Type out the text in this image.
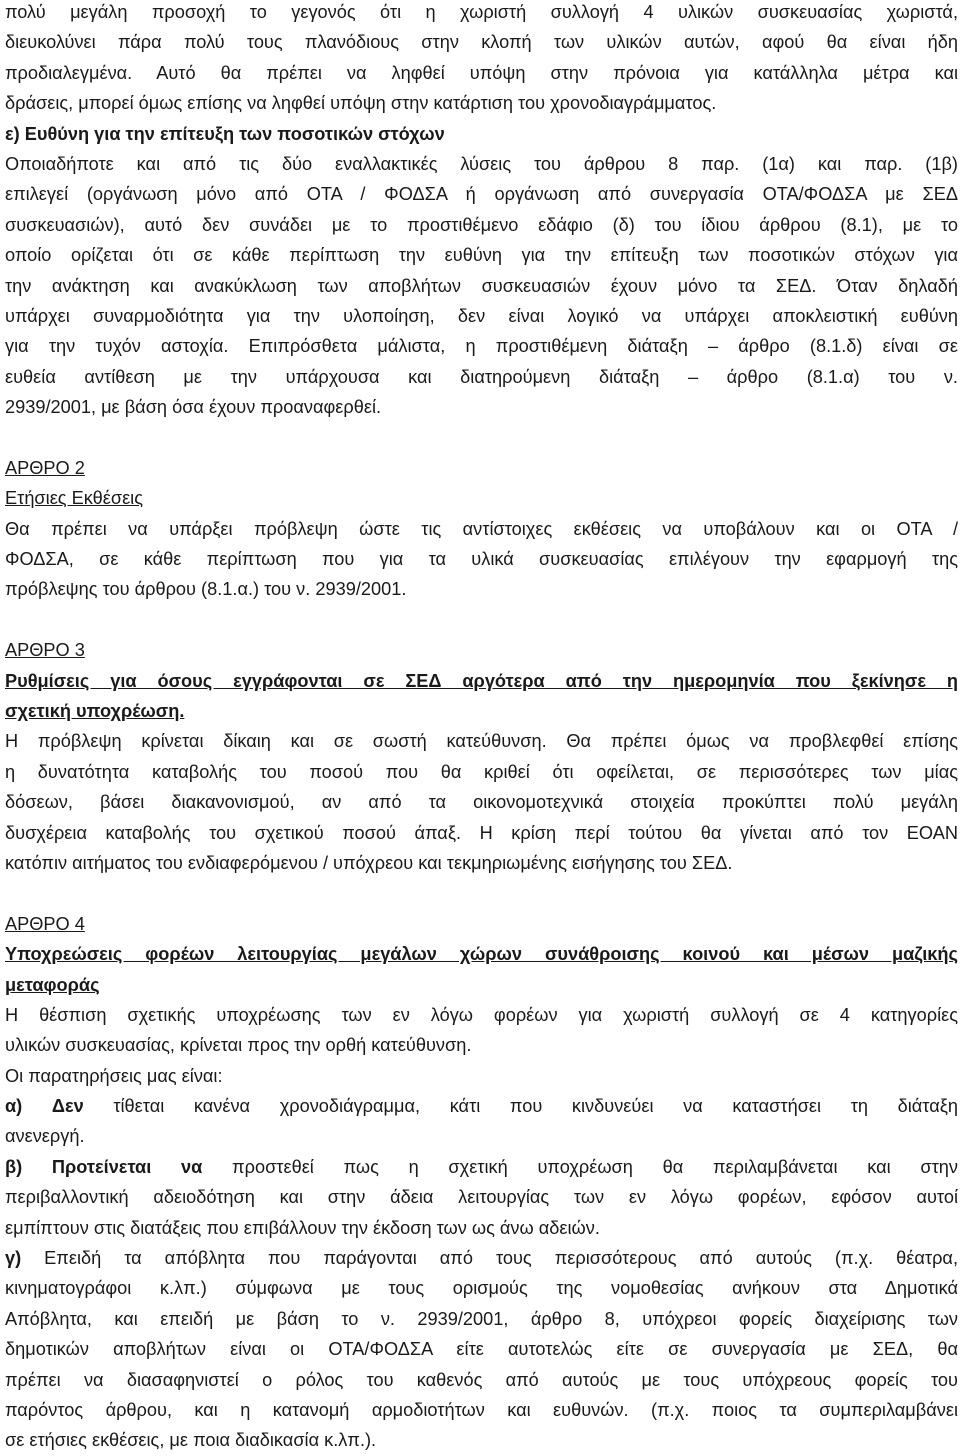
πολύ μεγάλη προσοχή το γεγονός ότι η χωριστή συλλογή 4 υλικών συσκευασίας χωριστά,
διευκολύνει πάρα πολύ τους πλανόδιους στην κλοπή των υλικών αυτών, αφού θα είναι ήδη
προδιαλεγμένα. Αυτό θα πρέπει να ληφθεί υπόψη στην πρόνοια για κατάλληλα μέτρα και
δράσεις, μπορεί όμως επίσης να ληφθεί υπόψη στην κατάρτιση του χρονοδιαγράμματος.
ε) Ευθύνη για την επίτευξη των ποσοτικών στόχων
Οποιαδήποτε και από τις δύο εναλλακτικές λύσεις του άρθρου 8 παρ. (1α) και παρ. (1β)
επιλεγεί (οργάνωση μόνο από ΟΤΑ / ΦΟΔΣΑ ή οργάνωση από συνεργασία ΟΤΑ/ΦΟΔΣΑ με ΣΕΔ
συσκευασιών), αυτό δεν συνάδει με το προστιθέμενο εδάφιο (δ) του ίδιου άρθρου (8.1), με το
οποίο ορίζεται ότι σε κάθε περίπτωση την ευθύνη για την επίτευξη των ποσοτικών στόχων για
την ανάκτηση και ανακύκλωση των αποβλήτων συσκευασιών έχουν μόνο τα ΣΕΔ. Όταν δηλαδή
υπάρχει συναρμοδιότητα για την υλοποίηση, δεν είναι λογικό να υπάρχει αποκλειστική ευθύνη
για την τυχόν αστοχία. Επιπρόσθετα μάλιστα, η προστιθέμενη διάταξη – άρθρο (8.1.δ) είναι σε
ευθεία αντίθεση με την υπάρχουσα και διατηρούμενη διάταξη – άρθρο (8.1.α) του ν.
2939/2001, με βάση όσα έχουν προαναφερθεί.
ΑΡΘΡΟ 2
Ετήσιες Εκθέσεις
Θα πρέπει να υπάρξει πρόβλεψη ώστε τις αντίστοιχες εκθέσεις να υποβάλουν και οι ΟΤΑ /
ΦΟΔΣΑ, σε κάθε περίπτωση που για τα υλικά συσκευασίας επιλέγουν την εφαρμογή της
πρόβλεψης του άρθρου (8.1.α.) του ν. 2939/2001.
ΑΡΘΡΟ 3
Ρυθμίσεις για όσους εγγράφονται σε ΣΕΔ αργότερα από την ημερομηνία που ξεκίνησε η
σχετική υποχρέωση.
Η πρόβλεψη κρίνεται δίκαιη και σε σωστή κατεύθυνση. Θα πρέπει όμως να προβλεφθεί επίσης
η δυνατότητα καταβολής του ποσού που θα κριθεί ότι οφείλεται, σε περισσότερες των μίας
δόσεων, βάσει διακανονισμού, αν από τα οικονομοτεχνικά στοιχεία προκύπτει πολύ μεγάλη
δυσχέρεια καταβολής του σχετικού ποσού άπαξ. Η κρίση περί τούτου θα γίνεται από τον ΕΟΑΝ
κατόπιν αιτήματος του ενδιαφερόμενου / υπόχρεου και τεκμηριωμένης εισήγησης του ΣΕΔ.
ΑΡΘΡΟ 4
Υποχρεώσεις φορέων λειτουργίας μεγάλων χώρων συνάθροισης κοινού και μέσων μαζικής
μεταφοράς
Η θέσπιση σχετικής υποχρέωσης των εν λόγω φορέων για χωριστή συλλογή σε 4 κατηγορίες
υλικών συσκευασίας, κρίνεται προς την ορθή κατεύθυνση.
Οι παρατηρήσεις μας είναι:
α) Δεν τίθεται κανένα χρονοδιάγραμμα, κάτι που κινδυνεύει να καταστήσει τη διάταξη
ανενεργή.
β) Προτείνεται να προστεθεί πως η σχετική υποχρέωση θα περιλαμβάνεται και στην
περιβαλλοντική αδειοδότηση και στην άδεια λειτουργίας των εν λόγω φορέων, εφόσον αυτοί
εμπίπτουν στις διατάξεις που επιβάλλουν την έκδοση των ως άνω αδειών.
γ) Επειδή τα απόβλητα που παράγονται από τους περισσότερους από αυτούς (π.χ. θέατρα,
κινηματογράφοι κ.λπ.) σύμφωνα με τους ορισμούς της νομοθεσίας ανήκουν στα Δημοτικά
Απόβλητα, και επειδή με βάση το ν. 2939/2001, άρθρο 8, υπόχρεοι φορείς διαχείρισης των
δημοτικών αποβλήτων είναι οι ΟΤΑ/ΦΟΔΣΑ είτε αυτοτελώς είτε σε συνεργασία με ΣΕΔ, θα
πρέπει να διασαφηνιστεί ο ρόλος του καθενός από αυτούς με τους υπόχρεους φορείς του
παρόντος άρθρου, και η κατανομή αρμοδιοτήτων και ευθυνών. (π.χ. ποιος τα συμπεριλαμβάνει
σε ετήσιες εκθέσεις, με ποια διαδικασία κ.λπ.).
